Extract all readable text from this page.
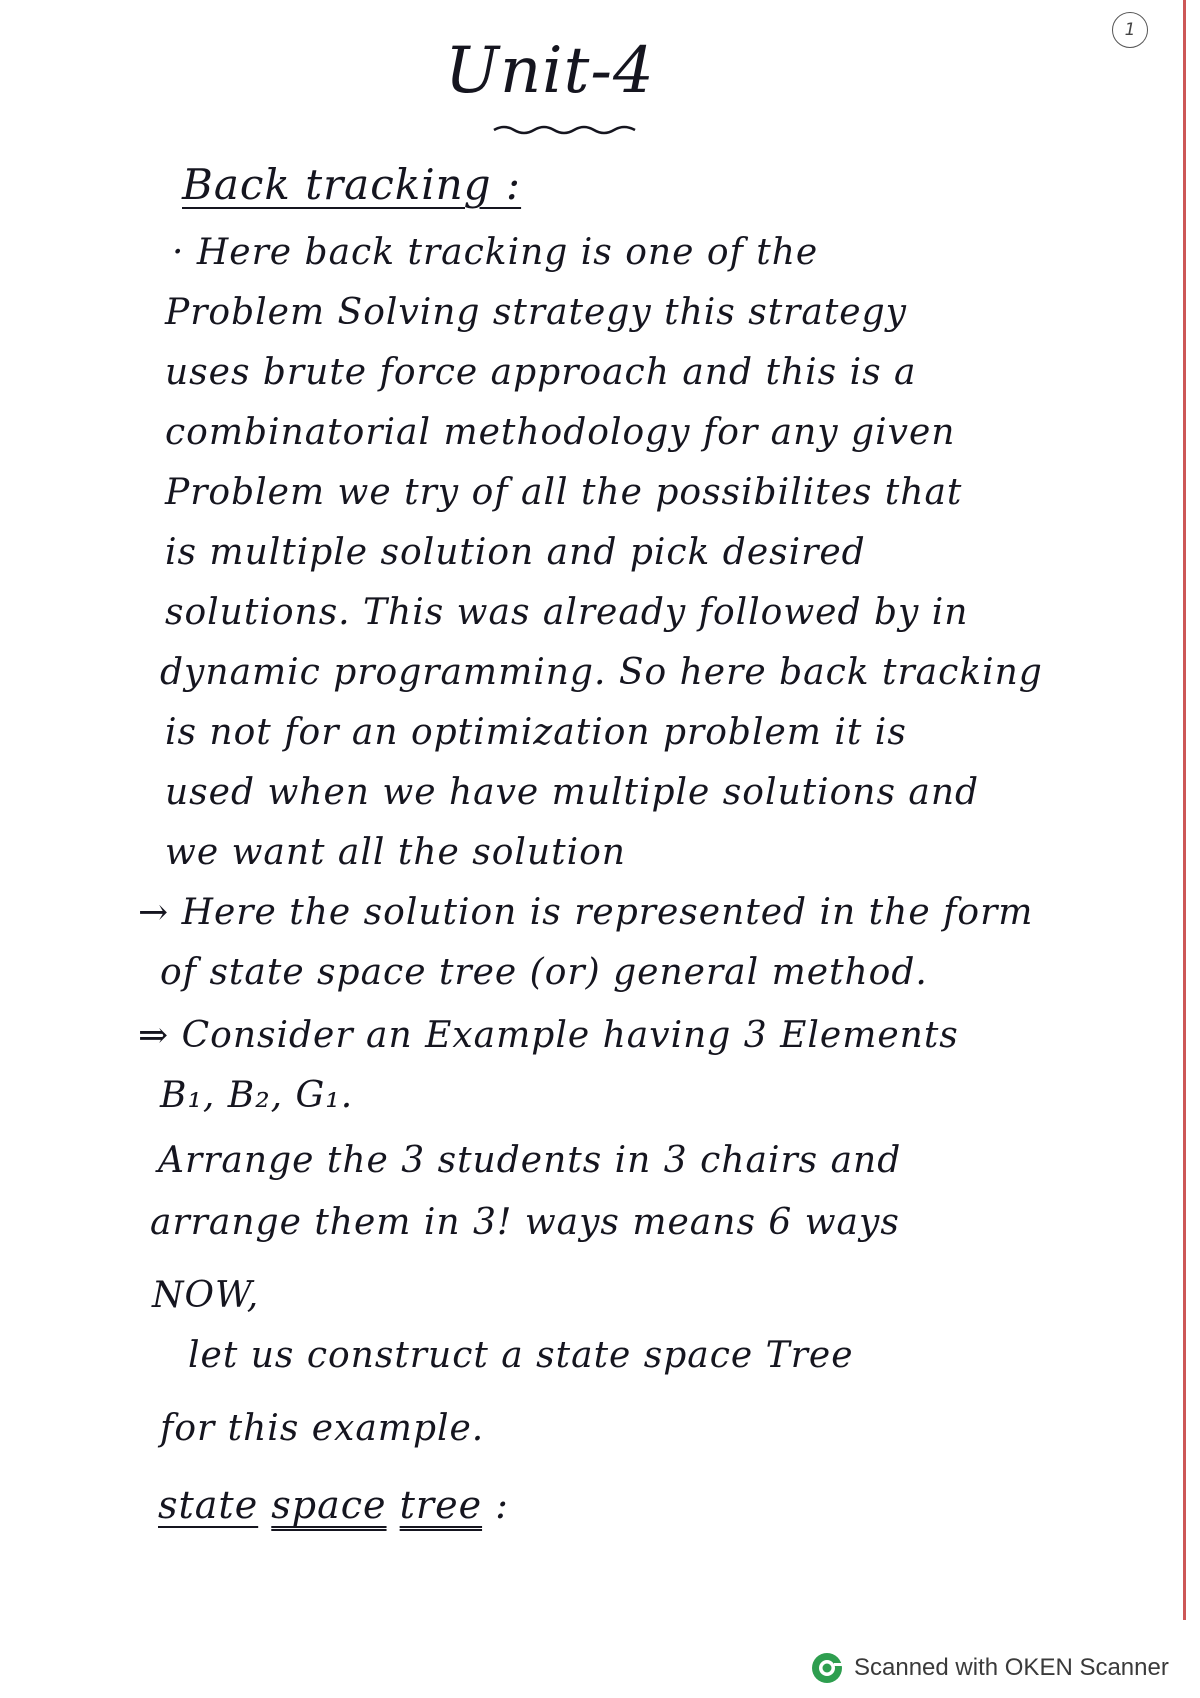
1
Unit-4
Back tracking :
· Here back tracking is one of the
Problem Solving strategy this strategy
uses brute force approach and this is a
combinatorial methodology for any given
Problem we try of all the possibilites that
is multiple solution and pick desired
solutions. This was already followed by in
dynamic programming. So here back tracking
is not for an optimization problem it is
used when we have multiple solutions and
we want all the solution
→ Here the solution is represented in the form
of state space tree (or) general method.
⇒ Consider an Example having 3 Elements
B₁, B₂, G₁.
Arrange the 3 students in 3 chairs and
arrange them in 3! ways means 6 ways
NOW,
let us construct a state space Tree
for this example.
state space tree :
Scanned with OKEN Scanner
